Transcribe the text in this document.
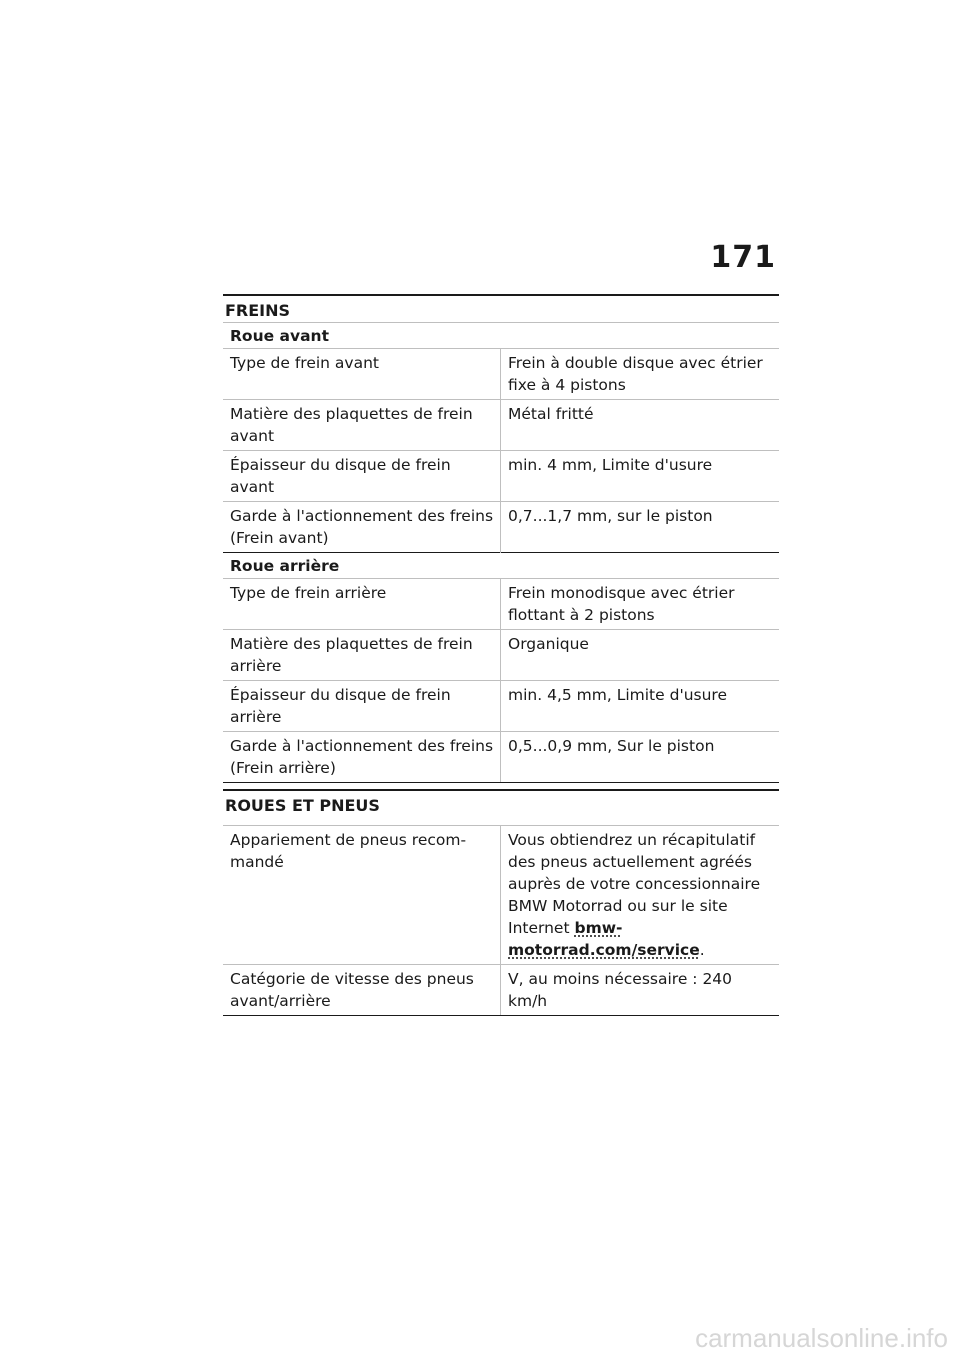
171
FREINS
Roue avant	
Type de frein avant	Frein à double disque avec étrier fixe à 4 pistons
Matière des plaquettes de frein avant	Métal fritté
Épaisseur du disque de frein avant	min. 4 mm, Limite d'usure
Garde à l'actionnement des freins (Frein avant)	0,7...1,7 mm, sur le piston
Roue arrière	
Type de frein arrière	Frein monodisque avec étrier flottant à 2 pistons
Matière des plaquettes de frein arrière	Organique
Épaisseur du disque de frein arrière	min. 4,5 mm, Limite d'usure
Garde à l'actionnement des freins (Frein arrière)	0,5...0,9 mm, Sur le piston
ROUES ET PNEUS
Appariement de pneus recom-mandé	Vous obtiendrez un récapitulatif des pneus actuellement agréés auprès de votre concessionnaire BMW Motorrad ou sur le site Internet bmw-motorrad.com/service.
Catégorie de vitesse des pneus avant/arrière	V, au moins nécessaire : 240 km/h
carmanualsonline.info
